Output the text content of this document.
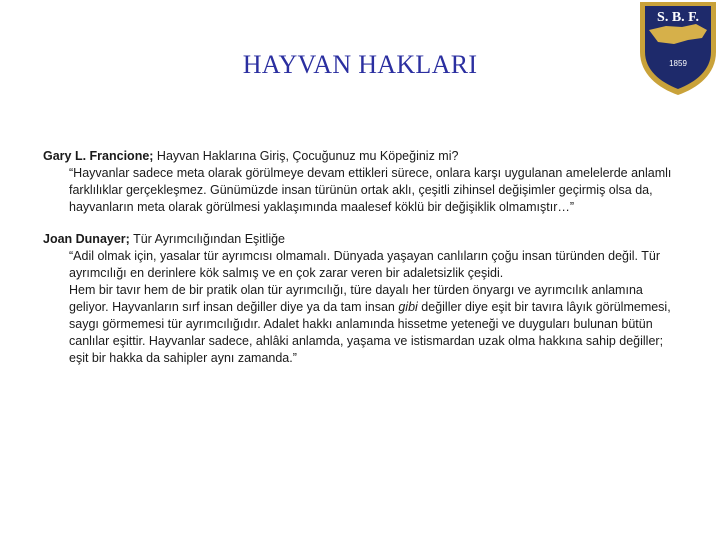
HAYVAN HAKLARI
S. B. F.
1859
Gary L. Francione; Hayvan Haklarına Giriş, Çocuğunuz mu Köpeğiniz mi?
“Hayvanlar sadece meta olarak görülmeye devam ettikleri sürece, onlara karşı uygulanan amelelerde anlamlı farklılıklar gerçekleşmez. Günümüzde insan türünün ortak aklı, çeşitli zihinsel değişimler geçirmiş olsa da, hayvanların meta olarak görülmesi yaklaşımında maalesef köklü bir değişiklik olmamıştır…”
Joan Dunayer; Tür Ayrımcılığından Eşitliğe
“Adil olmak için, yasalar tür ayrımcısı olmamalı. Dünyada yaşayan canlıların çoğu insan türünden değil. Tür ayrımcılığı en derinlere kök salmış ve en çok zarar veren bir adaletsizlik çeşidi.
Hem bir tavır hem de bir pratik olan tür ayrımcılığı, türe dayalı her türden önyargı ve ayrımcılık anlamına geliyor. Hayvanların sırf insan değiller diye ya da tam insan gibi değiller diye eşit bir tavıra lâyık görülmemesi, saygı görmemesi tür ayrımcılığıdır. Adalet hakkı anlamında hissetme yeteneği ve duyguları bulunan bütün canlılar eşittir. Hayvanlar sadece, ahlâki anlamda, yaşama ve istismardan uzak olma hakkına sahip değiller; eşit bir hakka da sahipler aynı zamanda.”
